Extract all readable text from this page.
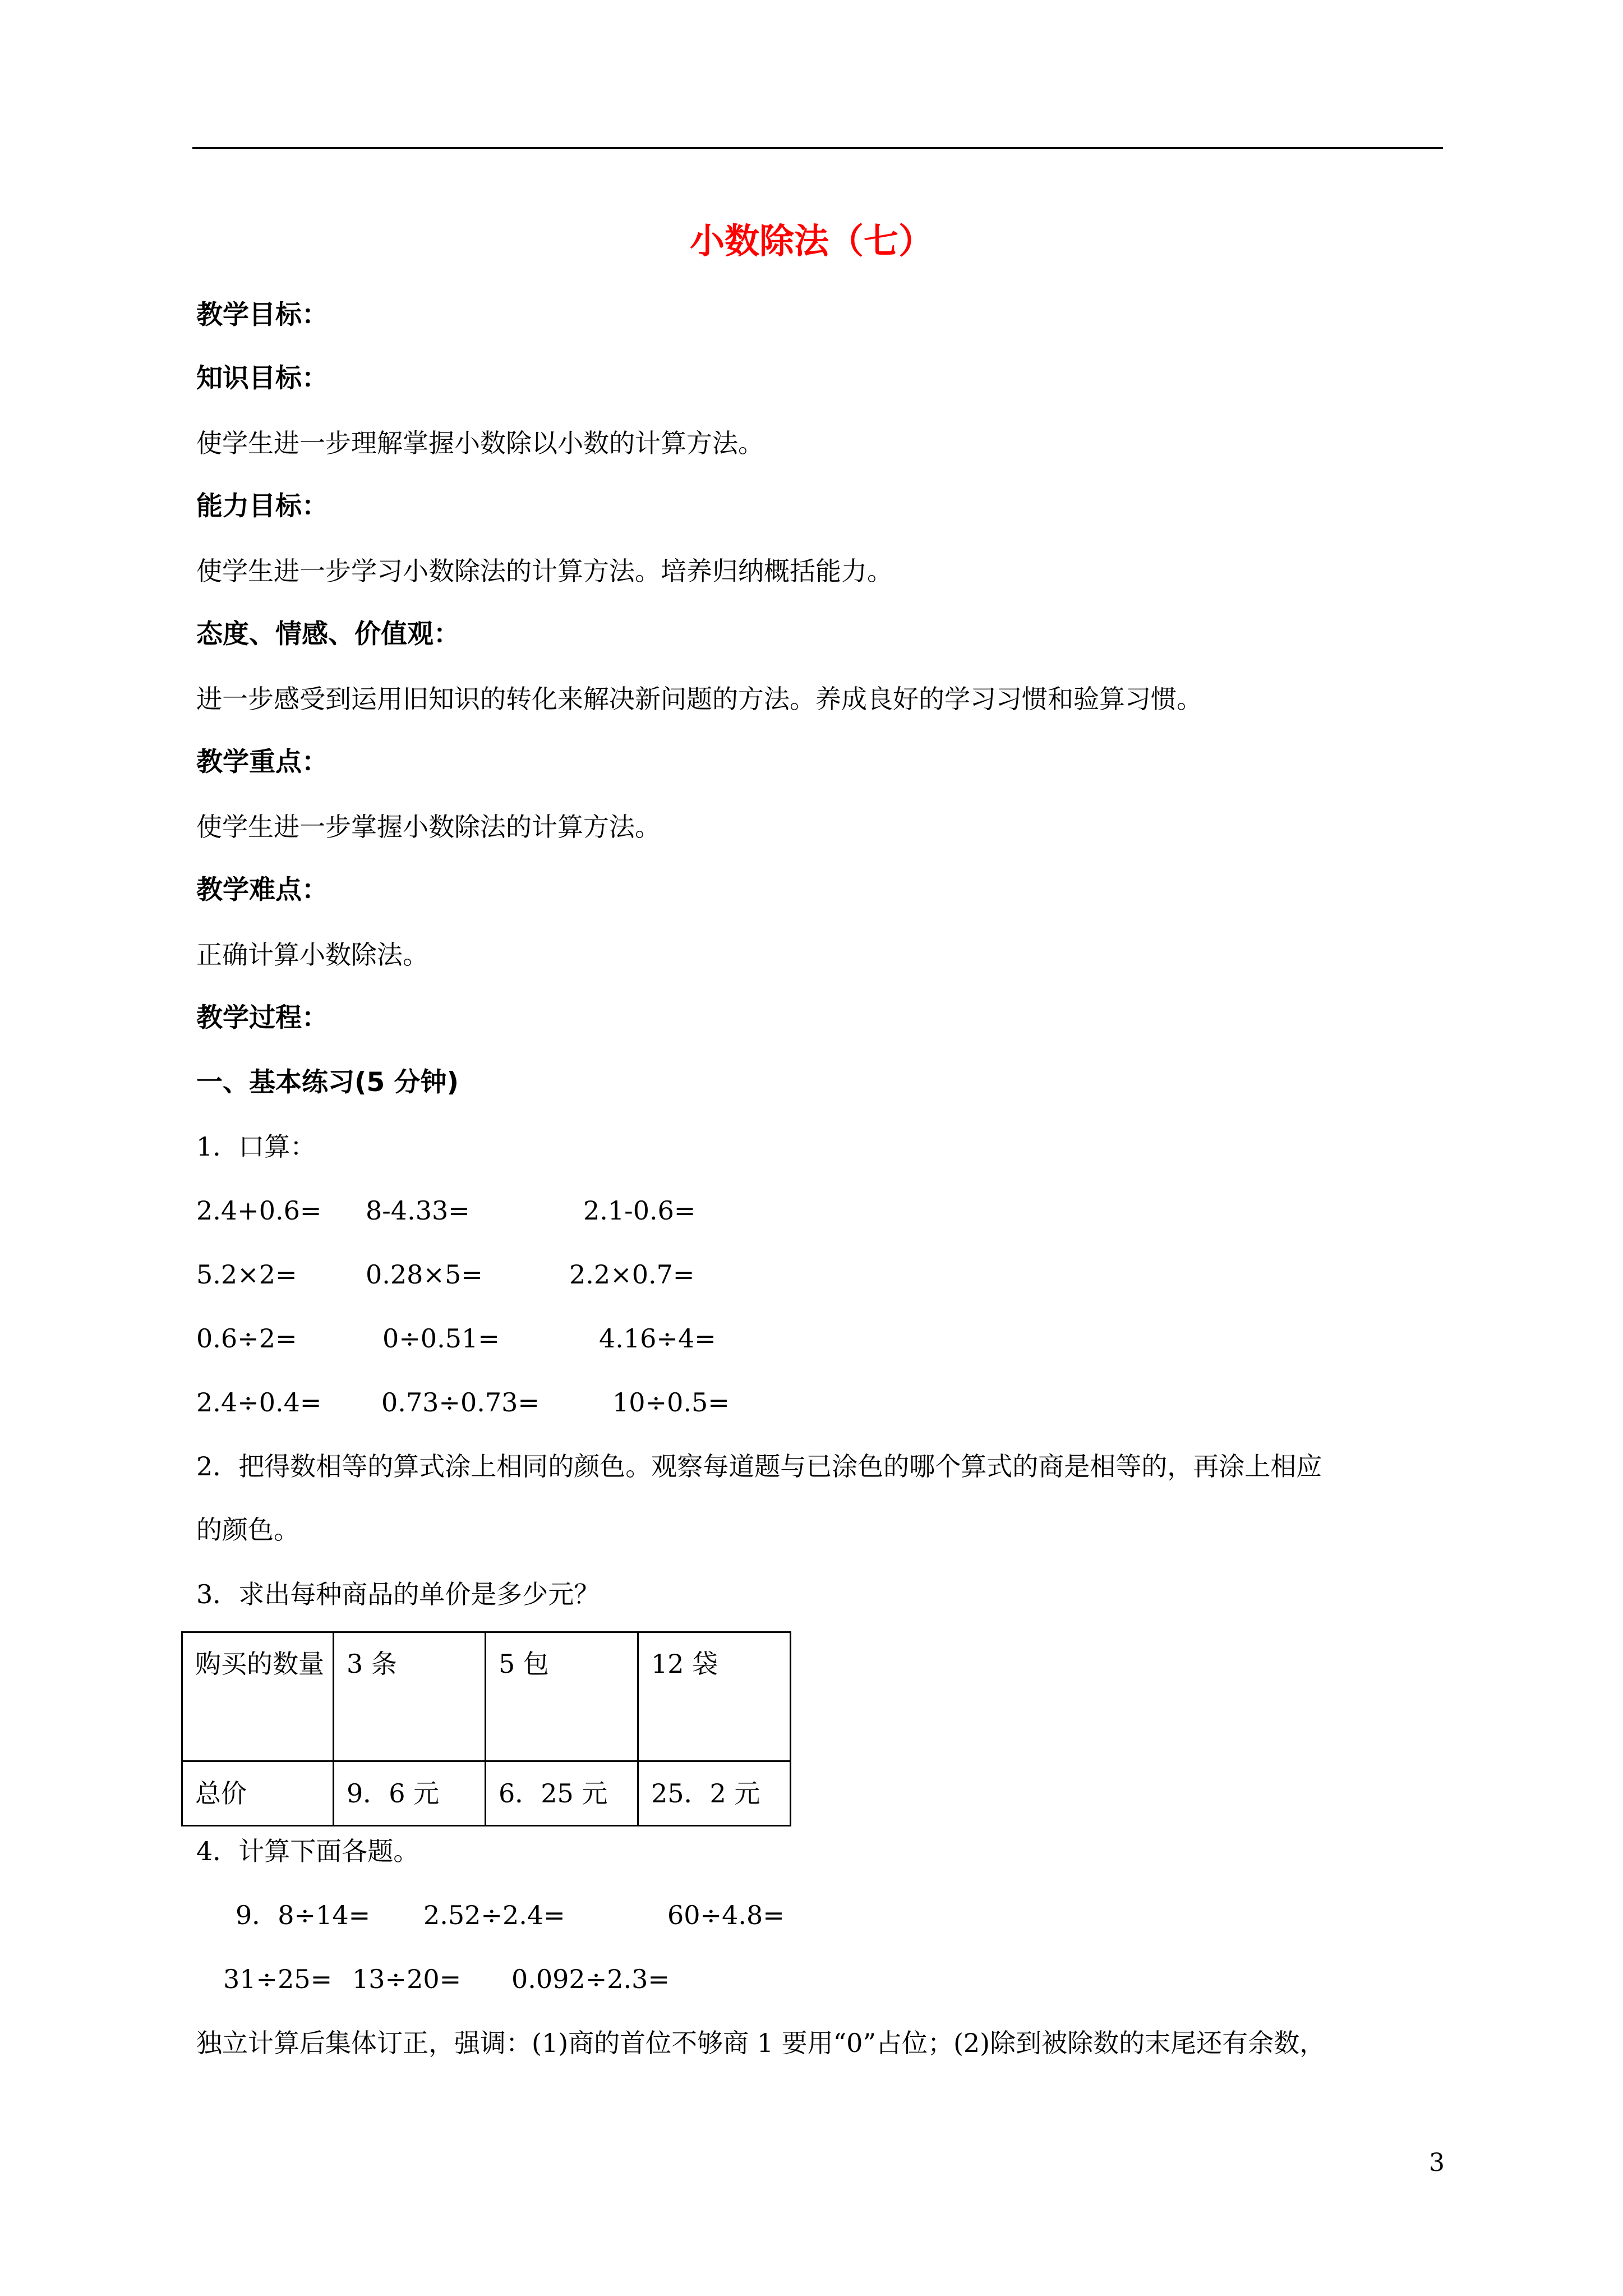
小数除法（七）
教学目标：
知识目标：
使学生进一步理解掌握小数除以小数的计算方法。
能力目标：
使学生进一步学习小数除法的计算方法。培养归纳概括能力。
态度、情感、价值观：
进一步感受到运用旧知识的转化来解决新问题的方法。养成良好的学习习惯和验算习惯。
教学重点：
使学生进一步掌握小数除法的计算方法。
教学难点：
正确计算小数除法。
教学过程：
一、基本练习(5 分钟)
1．口算：
2.4+0.6= 8-4.33=	2.1-0.6=
5.2×2=	0.28×5=	2.2×0.7=
0.6÷2=	0÷0.51=	4.16÷4=
2.4÷0.4= 0.73÷0.73=	10÷0.5=
2．把得数相等的算式涂上相同的颜色。观察每道题与已涂色的哪个算式的商是相等的，再涂上相应
的颜色。
3．求出每种商品的单价是多少元？
购买的数量	3 条	5 包	12 袋
总价	9．6 元	6．25 元	25．2 元
4．计算下面各题。
9．8÷14= 2.52÷2.4=	60÷4.8=
31÷25= 13÷20= 0.092÷2.3=
独立计算后集体订正，强调：(1)商的首位不够商 1 要用“0”占位；(2)除到被除数的末尾还有余数，
3
